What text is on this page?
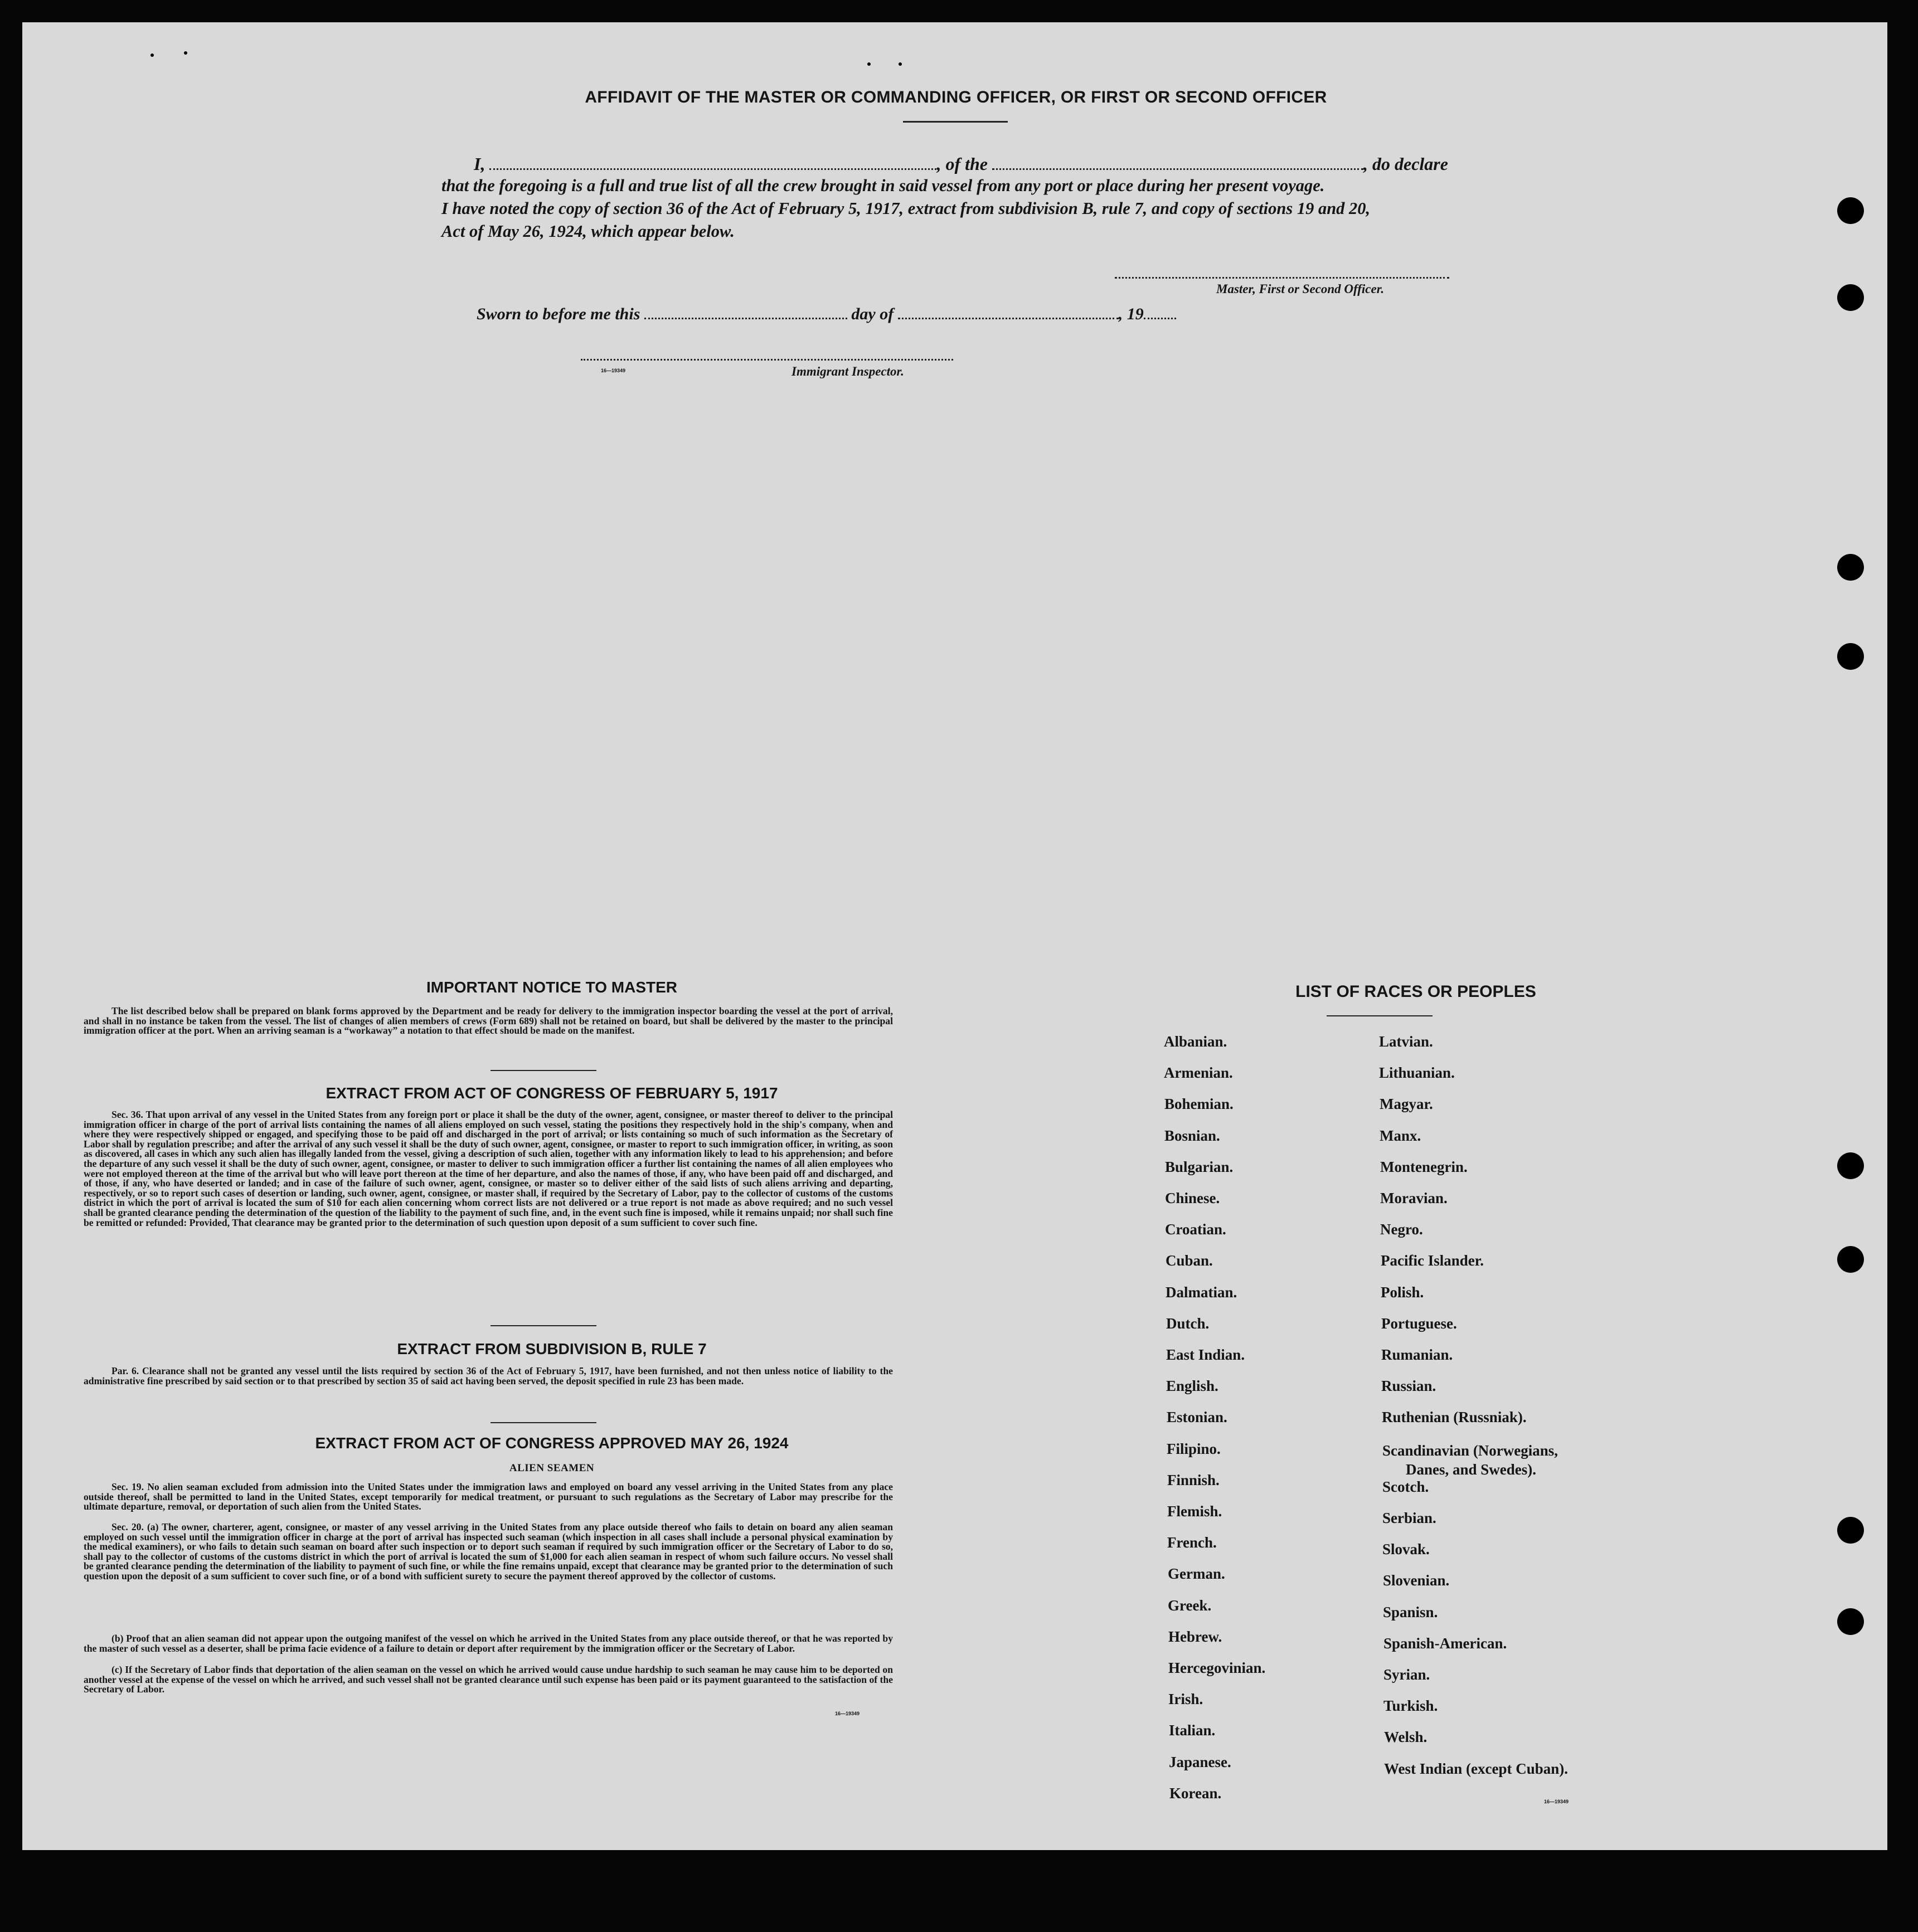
AFFIDAVIT OF THE MASTER OR COMMANDING OFFICER, OR FIRST OR SECOND OFFICER
I,	, of the	, do declare
that the foregoing is a full and true list of all the crew brought in said vessel from any port or place during her present voyage.
I have noted the copy of section 36 of the Act of February 5, 1917, extract from subdivision B, rule 7, and copy of sections 19 and 20,
Act of May 26, 1924, which appear below.
Master, First or Second Officer.
Sworn to before me this	day of	, 19
16—19349	Immigrant Inspector.
IMPORTANT NOTICE TO MASTER
The list described below shall be prepared on blank forms approved by the Department and be ready for delivery to the immigration inspector boarding the vessel at the port of arrival, and shall in no instance be taken from the vessel. The list of changes of alien members of crews (Form 689) shall not be retained on board, but shall be delivered by the master to the principal immigration officer at the port. When an arriving seaman is a “workaway” a notation to that effect should be made on the manifest.
EXTRACT FROM ACT OF CONGRESS OF FEBRUARY 5, 1917
Sec. 36. That upon arrival of any vessel in the United States from any foreign port or place it shall be the duty of the owner, agent, consignee, or master thereof to deliver to the principal immigration officer in charge of the port of arrival lists containing the names of all aliens employed on such vessel, stating the positions they respectively hold in the ship's company, when and where they were respectively shipped or engaged, and specifying those to be paid off and discharged in the port of arrival; or lists containing so much of such information as the Secretary of Labor shall by regulation prescribe; and after the arrival of any such vessel it shall be the duty of such owner, agent, consignee, or master to report to such immigration officer, in writing, as soon as discovered, all cases in which any such alien has illegally landed from the vessel, giving a description of such alien, together with any information likely to lead to his apprehension; and before the departure of any such vessel it shall be the duty of such owner, agent, consignee, or master to deliver to such immigration officer a further list containing the names of all alien employees who were not employed thereon at the time of the arrival but who will leave port thereon at the time of her departure, and also the names of those, if any, who have been paid off and discharged, and of those, if any, who have deserted or landed; and in case of the failure of such owner, agent, consignee, or master so to deliver either of the said lists of such aliens arriving and departing, respectively, or so to report such cases of desertion or landing, such owner, agent, consignee, or master shall, if required by the Secretary of Labor, pay to the collector of customs of the customs district in which the port of arrival is located the sum of $10 for each alien concerning whom correct lists are not delivered or a true report is not made as above required; and no such vessel shall be granted clearance pending the determination of the question of the liability to the payment of such fine, and, in the event such fine is imposed, while it remains unpaid; nor shall such fine be remitted or refunded: Provided, That clearance may be granted prior to the determination of such question upon deposit of a sum sufficient to cover such fine.
EXTRACT FROM SUBDIVISION B, RULE 7
Par. 6. Clearance shall not be granted any vessel until the lists required by section 36 of the Act of February 5, 1917, have been furnished, and not then unless notice of liability to the administrative fine prescribed by said section or to that prescribed by section 35 of said act having been served, the deposit specified in rule 23 has been made.
EXTRACT FROM ACT OF CONGRESS APPROVED MAY 26, 1924
ALIEN SEAMEN
Sec. 19. No alien seaman excluded from admission into the United States under the immigration laws and employed on board any vessel arriving in the United States from any place outside thereof, shall be permitted to land in the United States, except temporarily for medical treatment, or pursuant to such regulations as the Secretary of Labor may prescribe for the ultimate departure, removal, or deportation of such alien from the United States.
Sec. 20. (a) The owner, charterer, agent, consignee, or master of any vessel arriving in the United States from any place outside thereof who fails to detain on board any alien seaman employed on such vessel until the immigration officer in charge at the port of arrival has inspected such seaman (which inspection in all cases shall include a personal physical examination by the medical examiners), or who fails to detain such seaman on board after such inspection or to deport such seaman if required by such immigration officer or the Secretary of Labor to do so, shall pay to the collector of customs of the customs district in which the port of arrival is located the sum of $1,000 for each alien seaman in respect of whom such failure occurs. No vessel shall be granted clearance pending the determination of the liability to payment of such fine, or while the fine remains unpaid, except that clearance may be granted prior to the determination of such question upon the deposit of a sum sufficient to cover such fine, or of a bond with sufficient surety to secure the payment thereof approved by the collector of customs.
(b) Proof that an alien seaman did not appear upon the outgoing manifest of the vessel on which he arrived in the United States from any place outside thereof, or that he was reported by the master of such vessel as a deserter, shall be prima facie evidence of a failure to detain or deport after requirement by the immigration officer or the Secretary of Labor.
(c) If the Secretary of Labor finds that deportation of the alien seaman on the vessel on which he arrived would cause undue hardship to such seaman he may cause him to be deported on another vessel at the expense of the vessel on which he arrived, and such vessel shall not be granted clearance until such expense has been paid or its payment guaranteed to the satisfaction of the Secretary of Labor.
16—19349
LIST OF RACES OR PEOPLES
Albanian.
Armenian.
Bohemian.
Bosnian.
Bulgarian.
Chinese.
Croatian.
Cuban.
Dalmatian.
Dutch.
East Indian.
English.
Estonian.
Filipino.
Finnish.
Flemish.
French.
German.
Greek.
Hebrew.
Hercegovinian.
Irish.
Italian.
Japanese.
Korean.
Latvian.
Lithuanian.
Magyar.
Manx.
Montenegrin.
Moravian.
Negro.
Pacific Islander.
Polish.
Portuguese.
Rumanian.
Russian.
Ruthenian (Russniak).
Scotch.
Serbian.
Slovak.
Slovenian.
Spanisn.
Spanish-American.
Syrian.
Turkish.
Welsh.
West Indian (except Cuban).
Scandinavian (Norwegians,
Danes, and Swedes).
16—19349
